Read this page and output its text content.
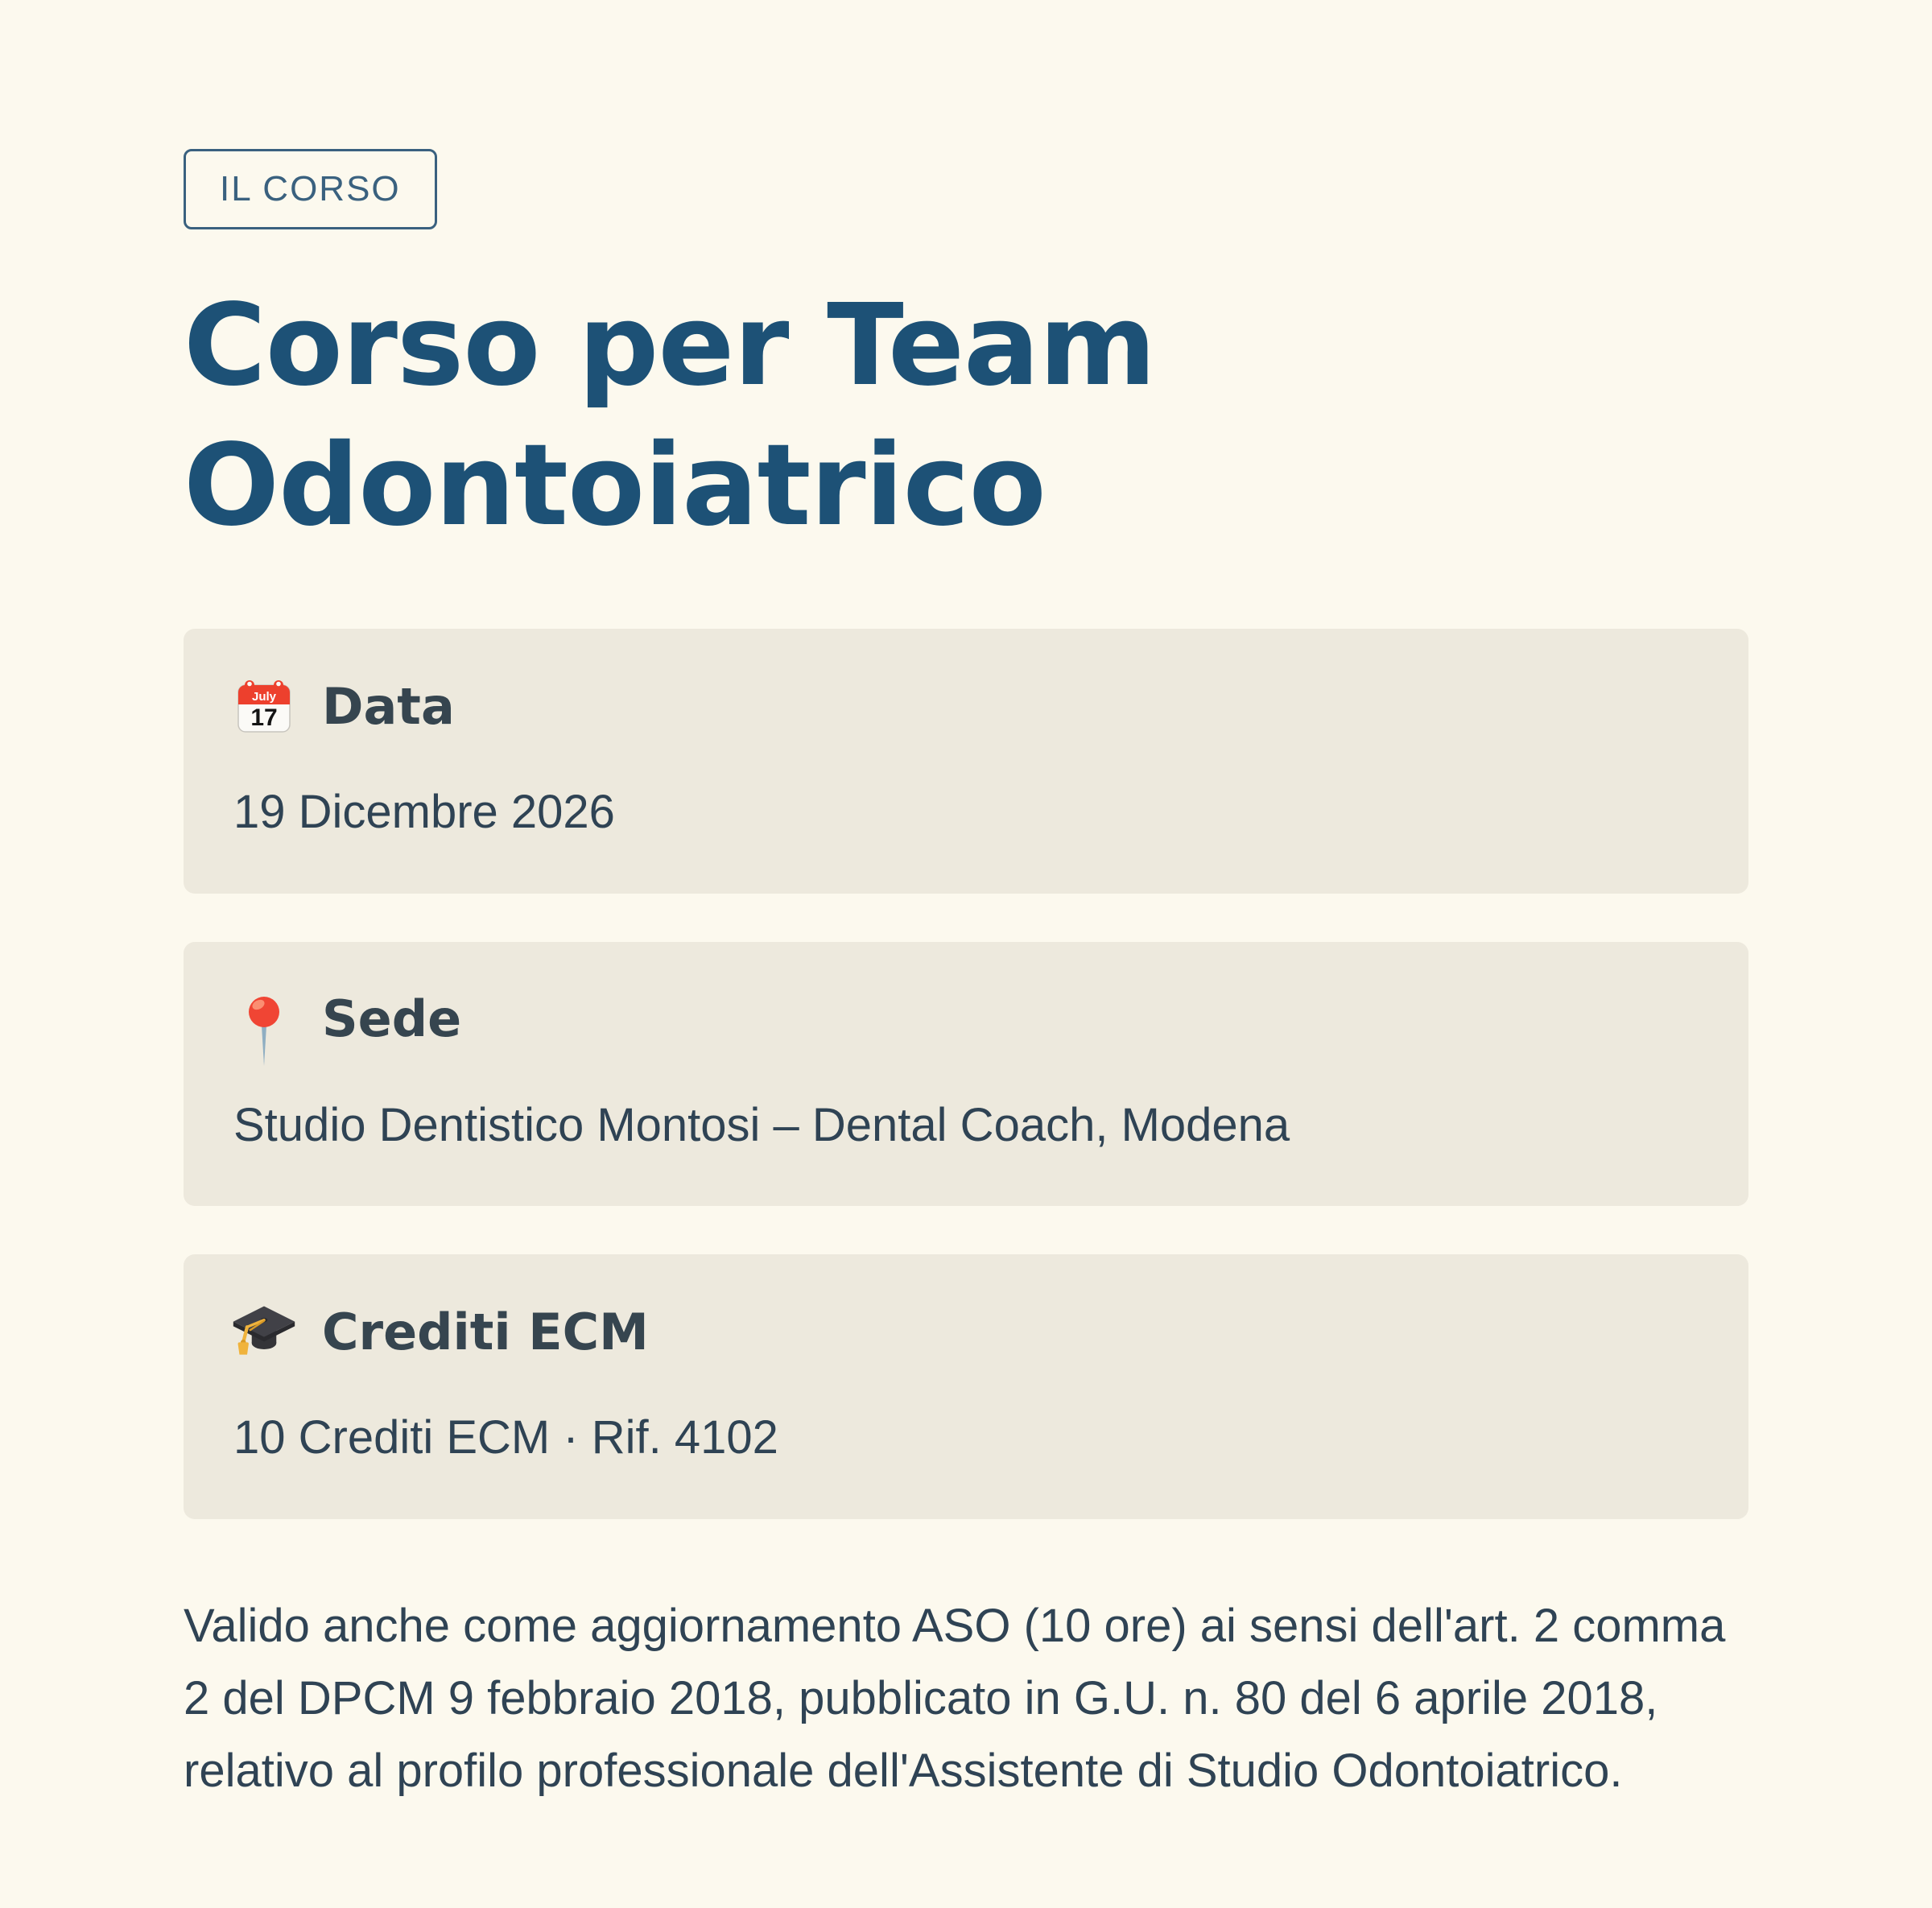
IL CORSO
Corso per Team Odontoiatrico
July
17 Data
19 Dicembre 2026
Sede
Studio Dentistico Montosi – Dental Coach, Modena
Crediti ECM
10 Crediti ECM · Rif. 4102

Valido anche come aggiornamento ASO (10 ore) ai sensi dell'art. 2 comma 2 del DPCM 9 febbraio 2018, pubblicato in G.U. n. 80 del 6 aprile 2018, relativo al profilo professionale dell'Assistente di Studio Odontoiatrico.
